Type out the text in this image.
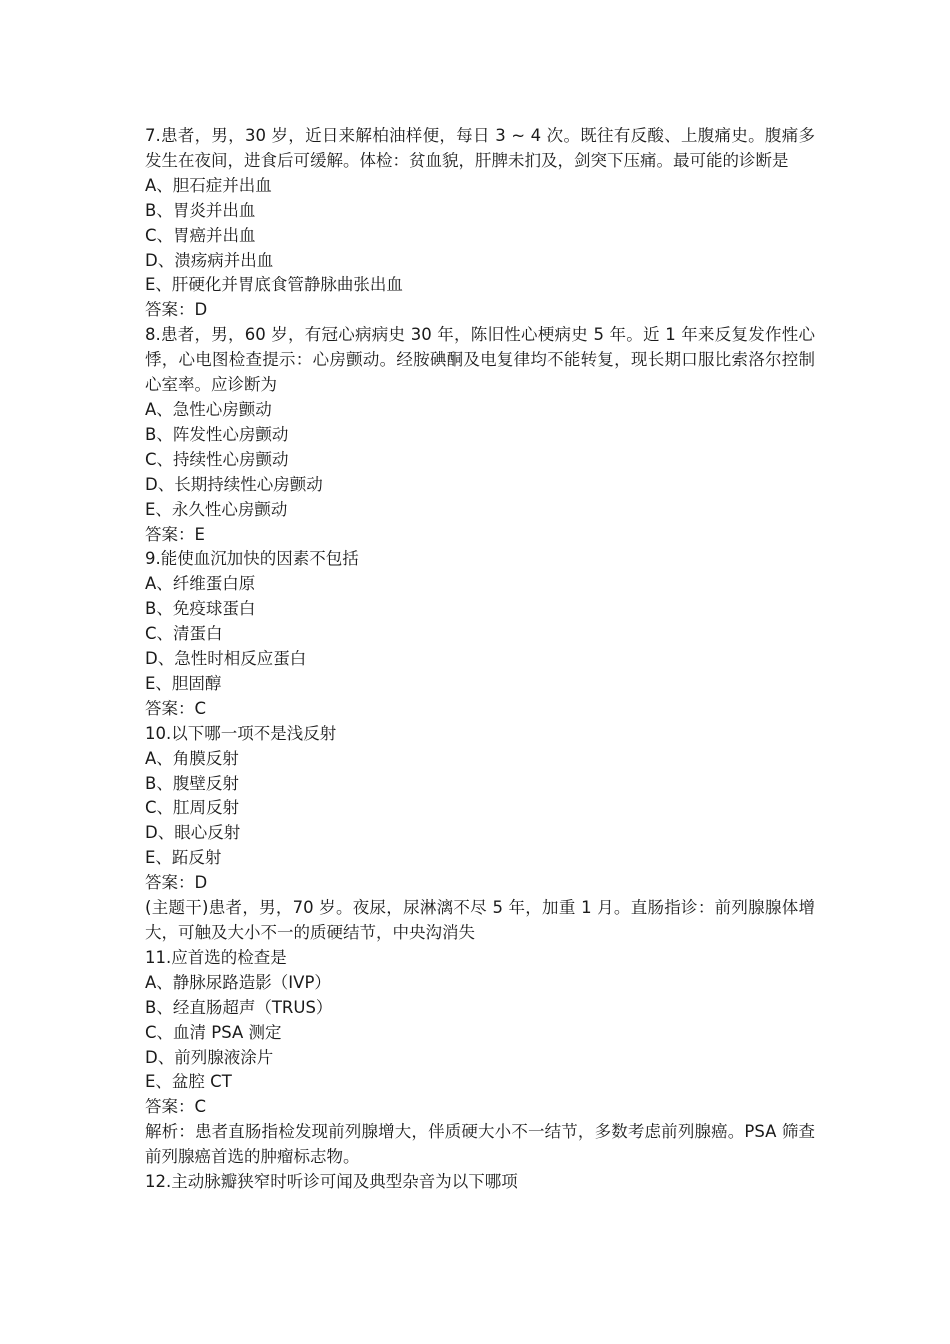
7.患者，男，30 岁，近日来解柏油样便，每日 3 ~ 4 次。既往有反酸、上腹痛史。腹痛多发生在夜间，进食后可缓解。体检：贫血貌，肝脾未扪及，剑突下压痛。最可能的诊断是
A、胆石症并出血
B、胃炎并出血
C、胃癌并出血
D、溃疡病并出血
E、肝硬化并胃底食管静脉曲张出血
答案：D
8.患者，男，60 岁，有冠心病病史 30 年，陈旧性心梗病史 5 年。近 1 年来反复发作性心悸，心电图检查提示：心房颤动。经胺碘酮及电复律均不能转复，现长期口服比索洛尔控制心室率。应诊断为
A、急性心房颤动
B、阵发性心房颤动
C、持续性心房颤动
D、长期持续性心房颤动
E、永久性心房颤动
答案：E
9.能使血沉加快的因素不包括
A、纤维蛋白原
B、免疫球蛋白
C、清蛋白
D、急性时相反应蛋白
E、胆固醇
答案：C
10.以下哪一项不是浅反射
A、角膜反射
B、腹壁反射
C、肛周反射
D、眼心反射
E、跖反射
答案：D
(主题干)患者，男，70 岁。夜尿，尿淋漓不尽 5 年，加重 1 月。直肠指诊：前列腺腺体增大，可触及大小不一的质硬结节，中央沟消失
11.应首选的检查是
A、静脉尿路造影（IVP）
B、经直肠超声（TRUS）
C、血清 PSA 测定
D、前列腺液涂片
E、盆腔 CT
答案：C
解析：患者直肠指检发现前列腺增大，伴质硬大小不一结节，多数考虑前列腺癌。PSA 筛查前列腺癌首选的肿瘤标志物。
12.主动脉瓣狭窄时听诊可闻及典型杂音为以下哪项
